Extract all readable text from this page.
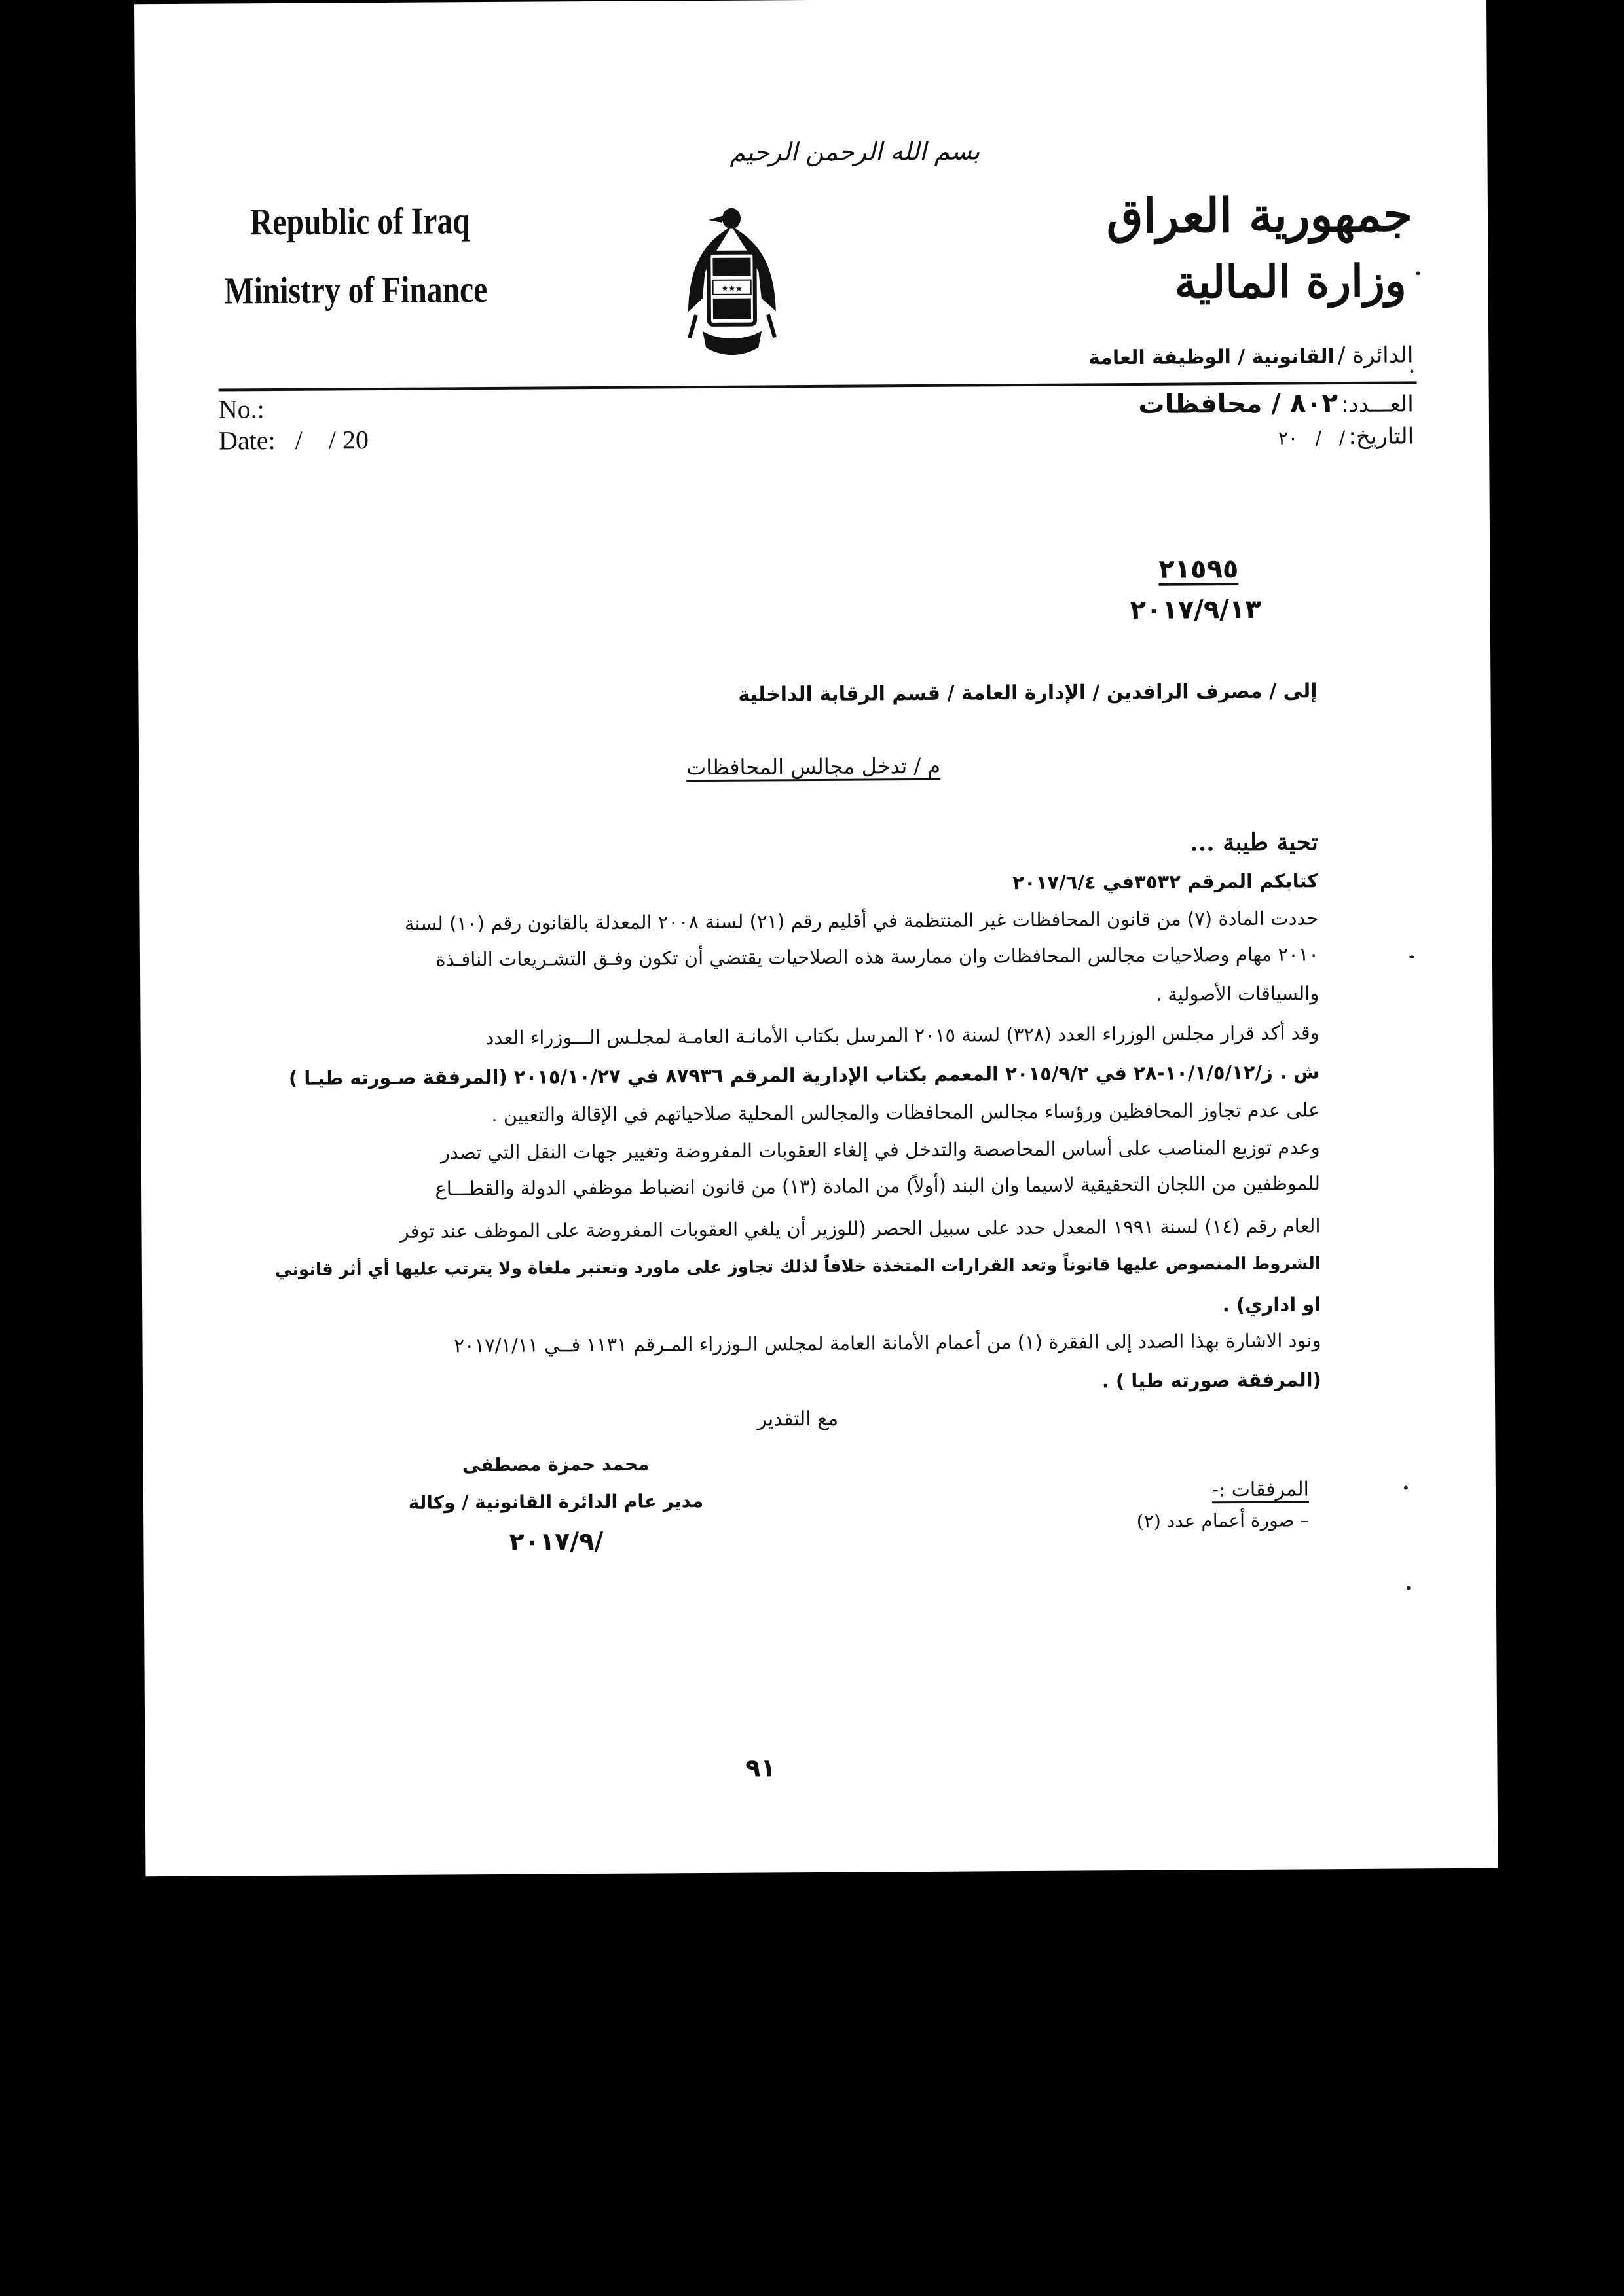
بسم الله الرحمن الرحيم
Republic of Iraq
Ministry of Finance	★★★
جمهورية العراق
وزارة المالية
الدائرة / القانونية / الوظيفة العامة
No.:
Date:   /    / 20
العـــدد: ٨٠٢ / محافظات
التاريخ: /   /   ٢٠
٢١٥٩٥
٢٠١٧/٩/١٣
إلى / مصرف الرافدين / الإدارة العامة / قسم الرقابة الداخلية
م / تدخل مجالس المحافظات
تحية طيبة ...
كتابكم المرقم ٣٥٣٢في ٢٠١٧/٦/٤
حددت المادة (٧) من قانون المحافظات غير المنتظمة في أقليم رقم (٢١) لسنة ٢٠٠٨ المعدلة بالقانون رقم (١٠) لسنة
٢٠١٠ مهام وصلاحيات مجالس المحافظات وان ممارسة هذه الصلاحيات يقتضي أن تكون وفـق التشـريعات النافـذة
والسياقات الأصولية .
وقد أكد قرار مجلس الوزراء العدد (٣٢٨) لسنة ٢٠١٥ المرسل بكتاب الأمانـة العامـة لمجلـس الـــوزراء العدد
ش . ز/١٠/١/٥/١٢-٢٨ في ٢٠١٥/٩/٢ المعمم بكتاب الإدارية المرقم ٨٧٩٣٦ في ٢٠١٥/١٠/٢٧ (المرفقة صـورته طيـا )
على عدم تجاوز المحافظين ورؤساء مجالس المحافظات والمجالس المحلية صلاحياتهم في الإقالة والتعيين .
وعدم توزيع المناصب على أساس المحاصصة والتدخل في إلغاء العقوبات المفروضة وتغيير جهات النقل التي تصدر
للموظفين من اللجان التحقيقية لاسيما وان البند (أولاً) من المادة (١٣) من قانون انضباط موظفي الدولة والقطـــاع
العام رقم (١٤) لسنة ١٩٩١ المعدل حدد على سبيل الحصر (للوزير أن يلغي العقوبات المفروضة على الموظف عند توفر
الشروط المنصوص عليها قانوناً وتعد القرارات المتخذة خلافاً لذلك تجاوز على ماورد وتعتبر ملغاة ولا يترتب عليها أي أثر قانوني
او اداري) .
ونود الاشارة بهذا الصدد إلى الفقرة (١) من أعمام الأمانة العامة لمجلس الـوزراء المـرقم ١١٣١ فــي ٢٠١٧/١/١١
(المرفقة صورته طيا ) .
مع التقدير
محمد حمزة مصطفى
مدير عام الدائرة القانونية / وكالة
٢٠١٧/٩/
المرفقات :-
– صورة أعمام عدد (٢)
٩١
